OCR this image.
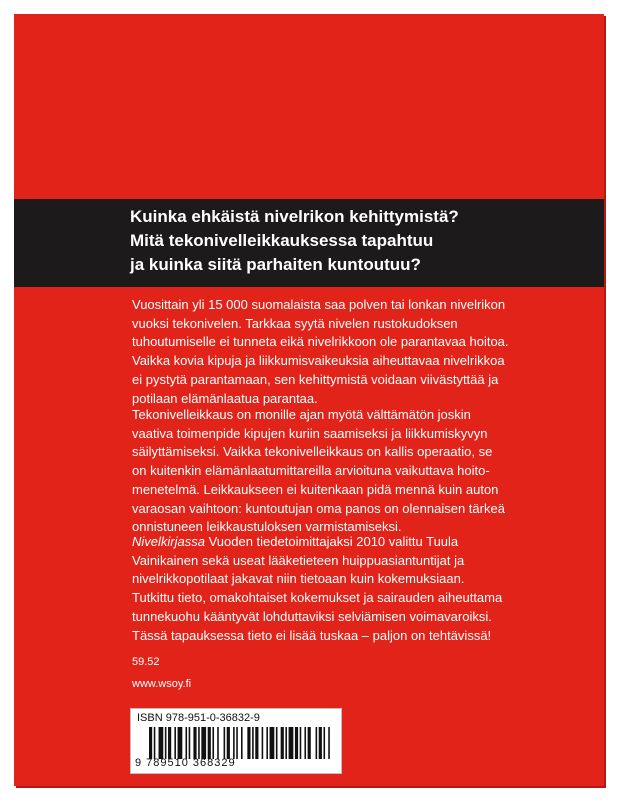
Kuinka ehkäistä nivelrikon kehittymistä?
Mitä tekonivelleikkauksessa tapahtuu
ja kuinka siitä parhaiten kuntoutuu?
Vuosittain yli 15 000 suomalaista saa polven tai lonkan nivelrikon
vuoksi tekonivelen. Tarkkaa syytä nivelen rustokudoksen
tuhoutumiselle ei tunneta eikä nivelrikkoon ole parantavaa hoitoa.
Vaikka kovia kipuja ja liikkumisvaikeuksia aiheuttavaa nivelrikkoa
ei pystytä parantamaan, sen kehittymistä voidaan viivästyttää ja
potilaan elämänlaatua parantaa.
Tekonivelleikkaus on monille ajan myötä välttämätön joskin
vaativa toimenpide kipujen kuriin saamiseksi ja liikkumiskyvyn
säilyttämiseksi. Vaikka tekonivelleikkaus on kallis operaatio, se
on kuitenkin elämänlaatumittareilla arvioituna vaikuttava hoito-
menetelmä. Leikkaukseen ei kuitenkaan pidä mennä kuin auton
varaosan vaihtoon: kuntoutujan oma panos on olennaisen tärkeä
onnistuneen leikkaustuloksen varmistamiseksi.
Nivelkirjassa Vuoden tiedetoimittajaksi 2010 valittu Tuula
Vainikainen sekä useat lääketieteen huippuasiantuntijat ja
nivelrikkopotilaat jakavat niin tietoaan kuin kokemuksiaan.
Tutkittu tieto, omakohtaiset kokemukset ja sairauden aiheuttama
tunnekuohu kääntyvät lohduttaviksi selviämisen voimavaroiksi.
Tässä tapauksessa tieto ei lisää tuskaa – paljon on tehtävissä!
59.52
www.wsoy.fi
ISBN 978-951-0-36832-9
9 789510 368329
